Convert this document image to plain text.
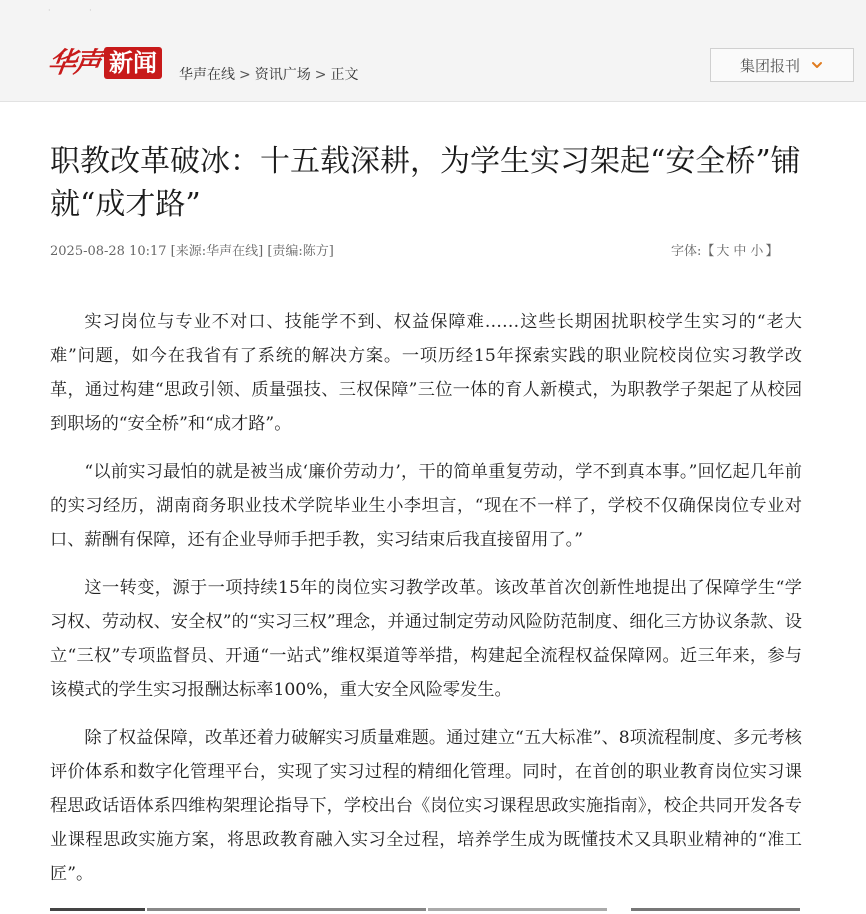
· ·
华声 新闻	华声在线 > 资讯广场 > 正文
集团报刊
职教改革破冰：十五载深耕，为学生实习架起“安全桥”铺就“成才路”
2025-08-28 10:17 [来源:华声在线] [责编:陈方]	字体:【 大 中 小 】

实习岗位与专业不对口、技能学不到、权益保障难……这些长期困扰职校学生实习的“老大难”问题，如今在我省有了系统的解决方案。一项历经15年探索实践的职业院校岗位实习教学改革，通过构建“思政引领、质量强技、三权保障”三位一体的育人新模式，为职教学子架起了从校园到职场的“安全桥”和“成才路”。

“以前实习最怕的就是被当成‘廉价劳动力’，干的简单重复劳动，学不到真本事。”回忆起几年前的实习经历，湖南商务职业技术学院毕业生小李坦言，“现在不一样了，学校不仅确保岗位专业对口、薪酬有保障，还有企业导师手把手教，实习结束后我直接留用了。”

这一转变，源于一项持续15年的岗位实习教学改革。该改革首次创新性地提出了保障学生“学习权、劳动权、安全权”的“实习三权”理念，并通过制定劳动风险防范制度、细化三方协议条款、设立“三权”专项监督员、开通“一站式”维权渠道等举措，构建起全流程权益保障网。近三年来，参与该模式的学生实习报酬达标率100%，重大安全风险零发生。

除了权益保障，改革还着力破解实习质量难题。通过建立“五大标准”、8项流程制度、多元考核评价体系和数字化管理平台，实现了实习过程的精细化管理。同时，在首创的职业教育岗位实习课程思政话语体系四维构架理论指导下，学校出台《岗位实习课程思政实施指南》，校企共同开发各专业课程思政实施方案，将思政教育融入实习全过程，培养学生成为既懂技术又具职业精神的“准工匠”。
